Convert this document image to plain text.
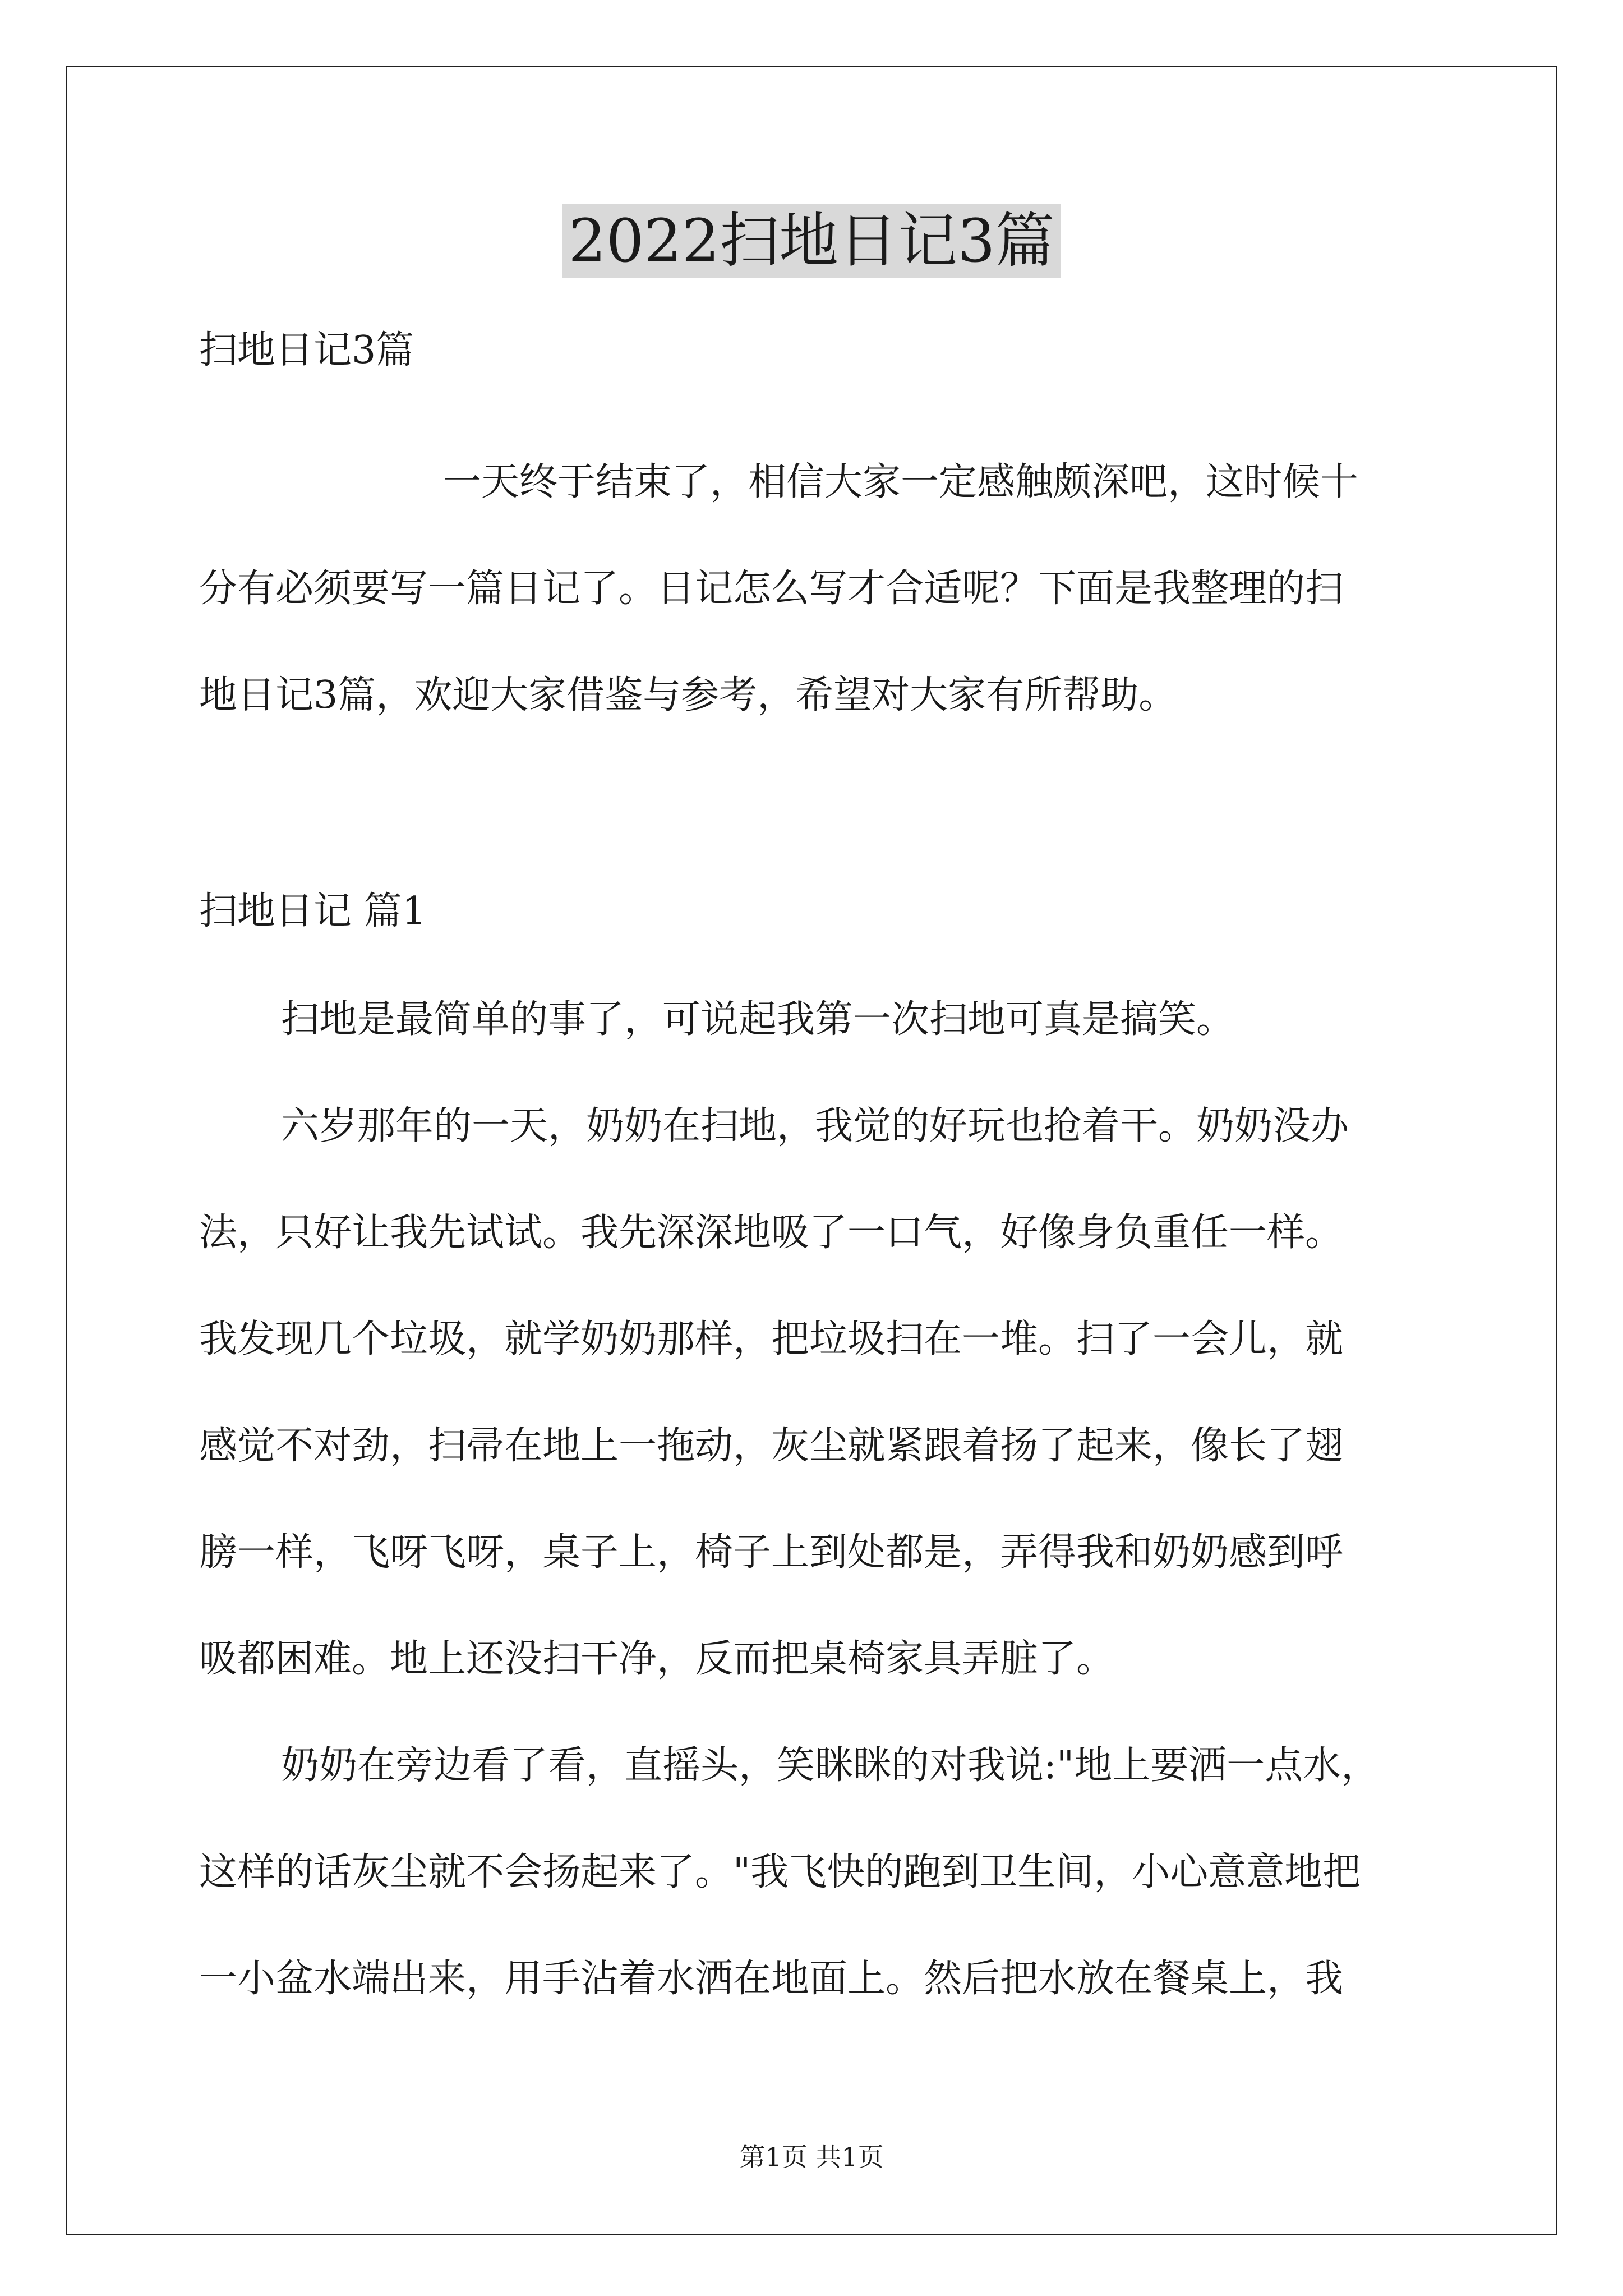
2022扫地日记3篇
扫地日记3篇
一天终于结束了，相信大家一定感触颇深吧，这时候十
分有必须要写一篇日记了。日记怎么写才合适呢？下面是我整理的扫
地日记3篇，欢迎大家借鉴与参考，希望对大家有所帮助。
扫地日记 篇1
扫地是最简单的事了，可说起我第一次扫地可真是搞笑。
六岁那年的一天，奶奶在扫地，我觉的好玩也抢着干。奶奶没办
法，只好让我先试试。我先深深地吸了一口气，好像身负重任一样。
我发现几个垃圾，就学奶奶那样，把垃圾扫在一堆。扫了一会儿，就
感觉不对劲，扫帚在地上一拖动，灰尘就紧跟着扬了起来，像长了翅
膀一样，飞呀飞呀，桌子上，椅子上到处都是，弄得我和奶奶感到呼
吸都困难。地上还没扫干净，反而把桌椅家具弄脏了。
奶奶在旁边看了看，直摇头，笑眯眯的对我说:"地上要洒一点水，
这样的话灰尘就不会扬起来了。"我飞快的跑到卫生间，小心意意地把
一小盆水端出来，用手沾着水洒在地面上。然后把水放在餐桌上，我
第1页 共1页
